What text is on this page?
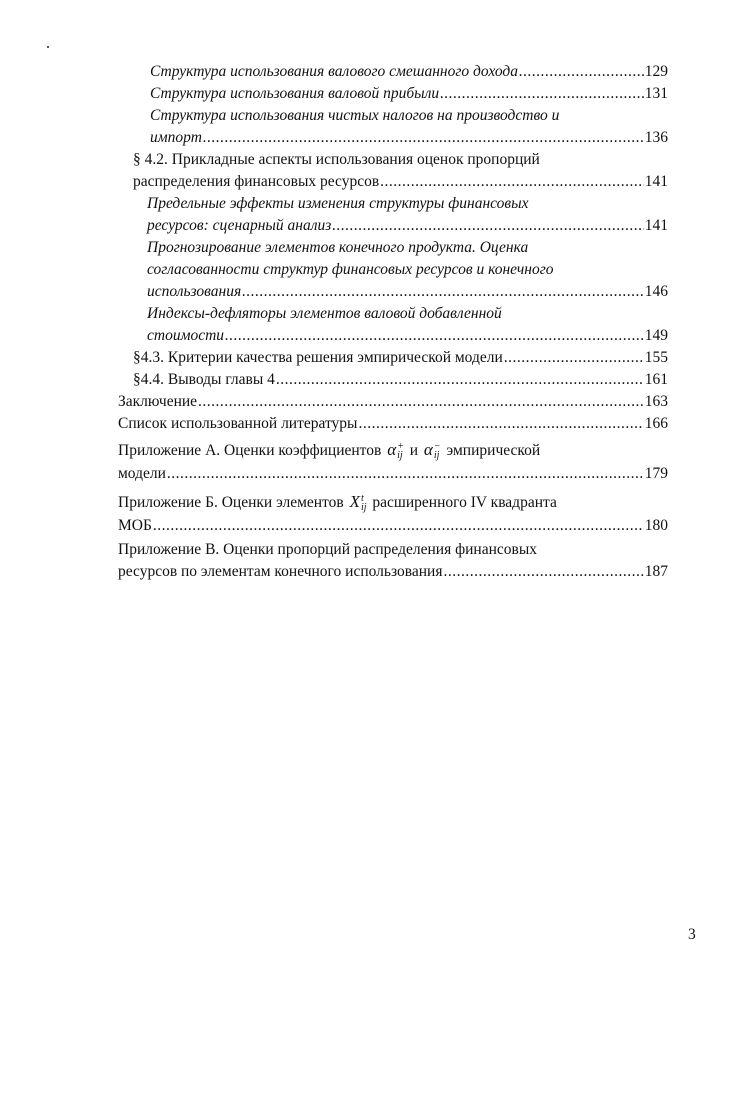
Структура использования валового смешанного дохода .....	129
Структура использования валовой прибыли .....	131
Структура использования чистых налогов на производство и
импорт .....	136
§ 4.2. Прикладные аспекты использования оценок пропорций
распределения финансовых ресурсов .....	141
Предельные эффекты изменения структуры финансовых
ресурсов: сценарный анализ .....	141
Прогнозирование элементов конечного продукта. Оценка
согласованности структур финансовых ресурсов и конечного
использования .....	146
Индексы-дефляторы элементов валовой добавленной
стоимости .....	149
§4.3. Критерии качества решения эмпирической модели .....	155
§4.4. Выводы главы 4 .....	161
Заключение .....	163
Список использованной литературы .....	166
Приложение А. Оценки коэффициентов α +
ij и α −
ij эмпирической
модели .....	179
Приложение Б. Оценки элементов X t
ij расширенного IV квадранта
МОБ .....	180
Приложение В. Оценки пропорций распределения финансовых
ресурсов по элементам конечного использования .....	187
3
